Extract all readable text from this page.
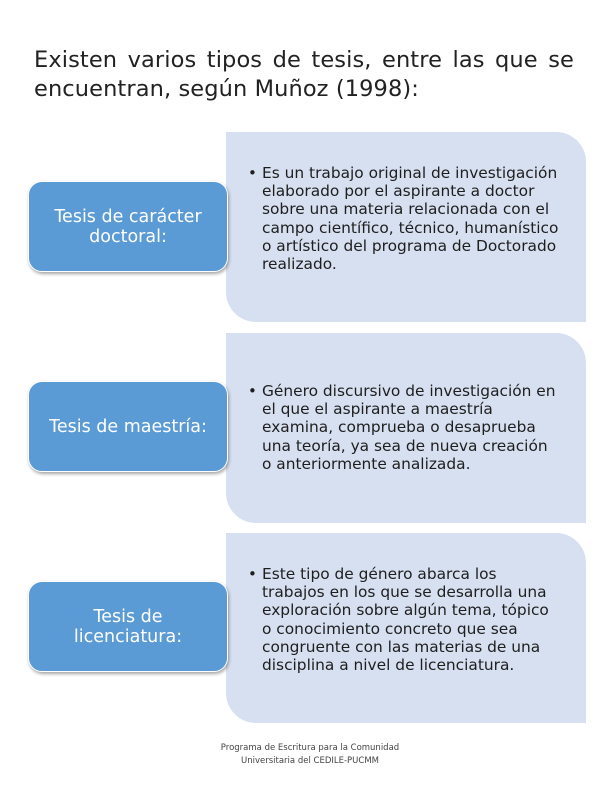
Existen varios tipos de tesis, entre las que se encuentran, según Muñoz (1998):
• Es un trabajo original de investigación elaborado por el aspirante a doctor sobre una materia relacionada con el campo científico, técnico, humanístico o artístico del programa de Doctorado realizado.
Tesis de carácter doctoral:
• Género discursivo de investigación en el que el aspirante a maestría examina, comprueba o desaprueba una teoría, ya sea de nueva creación o anteriormente analizada.
Tesis de maestría:
• Este tipo de género abarca los trabajos en los que se desarrolla una exploración sobre algún tema, tópico o conocimiento concreto que sea congruente con las materias de una disciplina a nivel de licenciatura.
Tesis de licenciatura:
Programa de Escritura para la Comunidad
Universitaria del CEDILE-PUCMM
